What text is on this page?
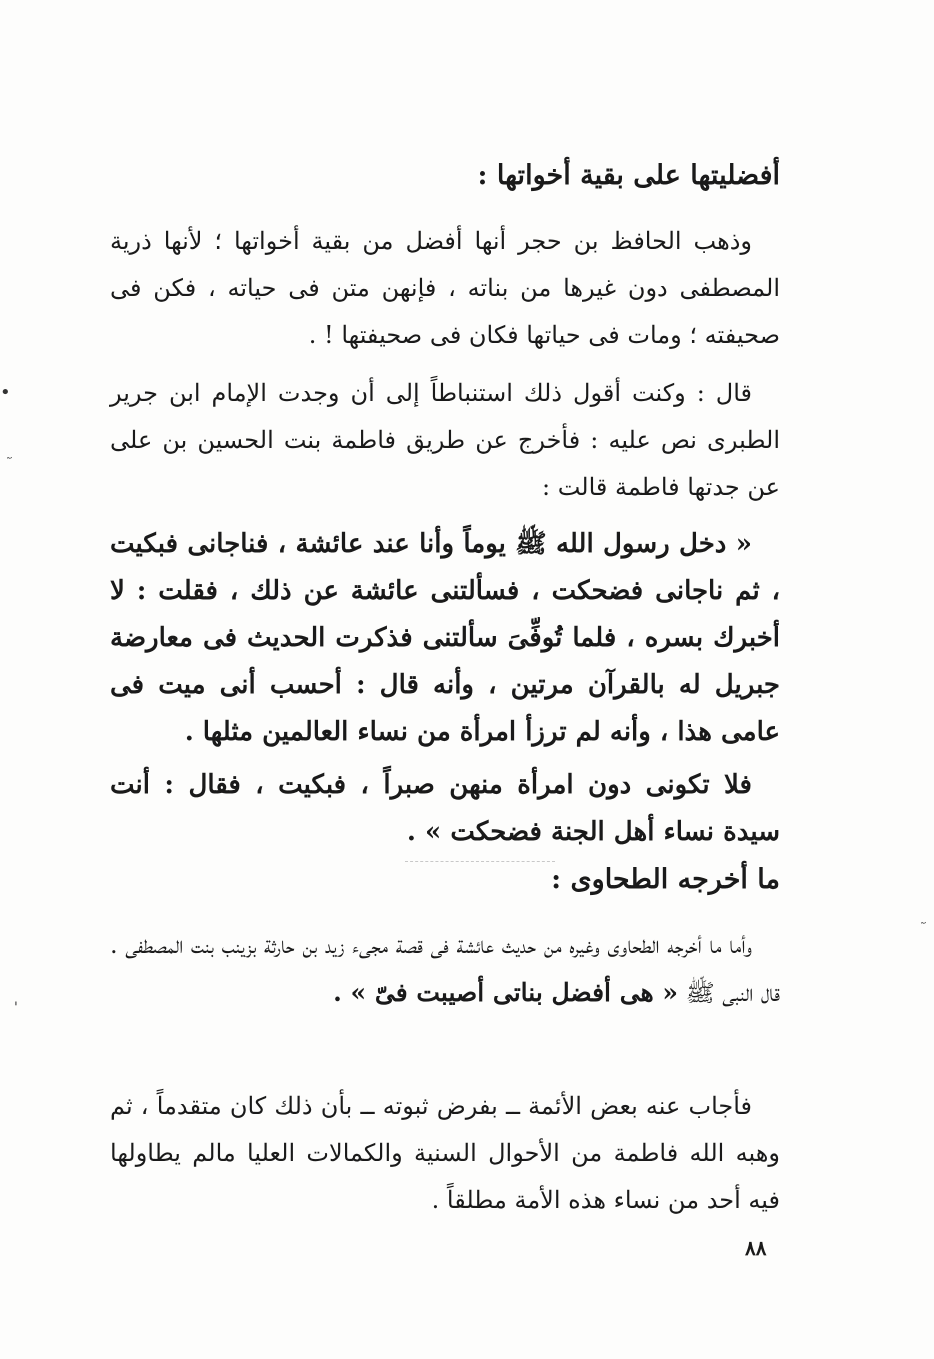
•
'
أفضليتها على بقية أخواتها :
وذهب الحافظ بن حجر أنها أفضل من بقية أخواتها ؛ لأنها ذرية المصطفى دون غيرها من بناته ، فإنهن متن فى حياته ، فكن فى صحيفته ؛ ومات فى حياتها فكان فى صحيفتها ! .
قال : وكنت أقول ذلك استنباطاً إلى أن وجدت الإمام ابن جرير الطبرى نص عليه : فأخرج عن طريق فاطمة بنت الحسين بن على عن جدتها فاطمة قالت :
« دخل رسول الله ﷺ يوماً وأنا عند عائشة ، فناجانى فبكيت ، ثم ناجانى فضحكت ، فسألتنى عائشة عن ذلك ، فقلت : لا أخبرك بسره ، فلما تُوفِّىَ سألتنى فذكرت الحديث فى معارضة جبريل له بالقرآن مرتين ، وأنه قال : أحسب أنى ميت فى عامى هذا ، وأنه لم ترزأ امرأة من نساء العالمين مثلها .
فلا تكونى دون امرأة منهن صبراً ، فبكيت ، فقال : أنت سيدة نساء أهل الجنة فضحكت » .
ما أخرجه الطحاوى :
وأما ما أخرجه الطحاوى وغيره من حديث عائشة فى قصة مجىء زيد بن حارثة بزينب بنت المصطفى . قال النبى ﷺ « هى أفضل بناتى أصيبت فىّ » .
فأجاب عنه بعض الأئمة ــ بفرض ثبوته ــ بأن ذلك كان متقدماً ، ثم وهبه الله فاطمة من الأحوال السنية والكمالات العليا مالم يطاولها فيه أحد من نساء هذه الأمة مطلقاً .
٨٨
